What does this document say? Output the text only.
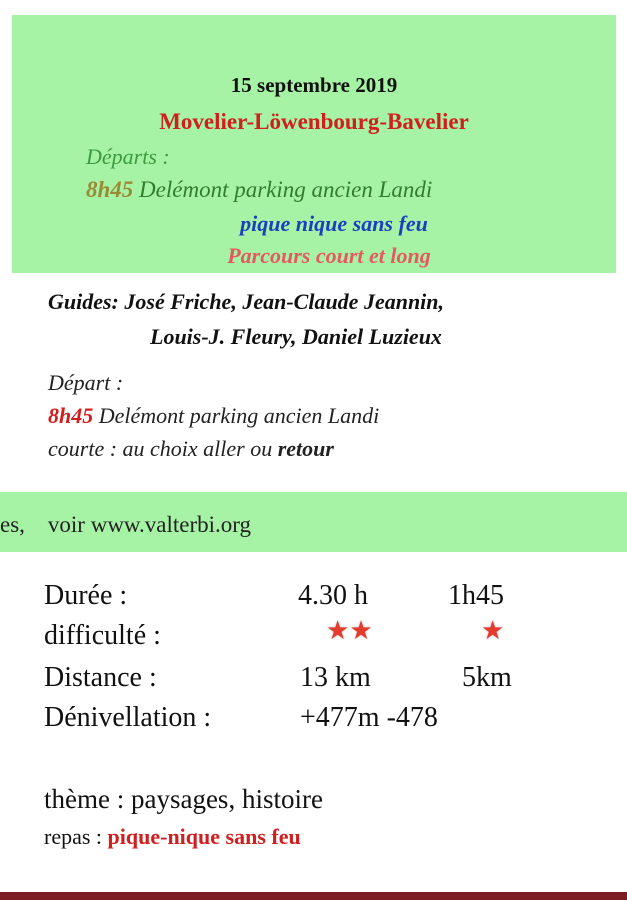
15 septembre 2019
Movelier-Löwenbourg-Bavelier
Départs :
8h45 Delémont parking ancien Landi
pique nique sans feu
Parcours court et long
Guides: José Friche, Jean-Claude Jeannin,
Louis-J. Fleury, Daniel Luzieux
Départ :
8h45 Delémont parking ancien Landi
courte : au choix aller ou retour
es,    voir www.valterbi.org
Durée :	4.30 h	1h45
difficulté :	★★	★
Distance :	13 km	5km
Dénivellation :	+477m -478
thème : paysages, histoire
repas : pique-nique sans feu
